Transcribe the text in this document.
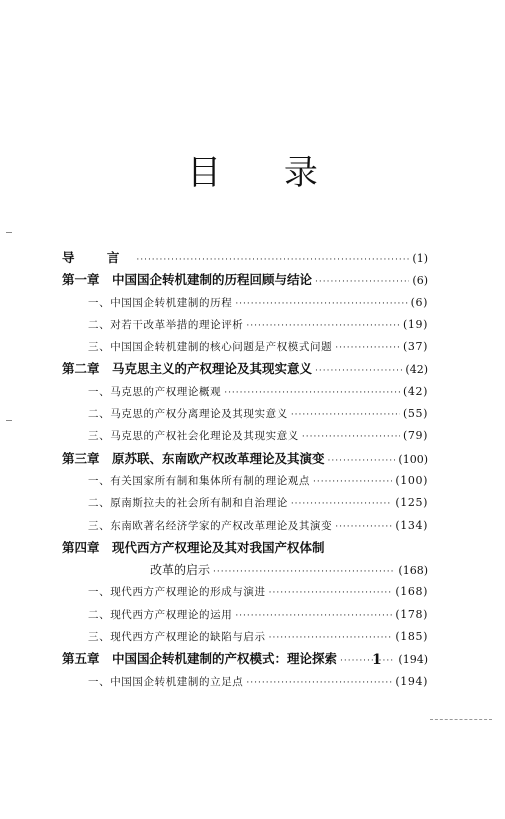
目 录
导 言 ·····	(1)
第一章　中国国企转机建制的历程回顾与结论 ·····	(6)
一、中国国企转机建制的历程 ·····	(6)
二、对若干改革举措的理论评析 ·····	(19)
三、中国国企转机建制的核心问题是产权模式问题 ·····	(37)
第二章　马克思主义的产权理论及其现实意义 ·····	(42)
一、马克思的产权理论概观 ·····	(42)
二、马克思的产权分离理论及其现实意义 ·····	(55)
三、马克思的产权社会化理论及其现实意义 ·····	(79)
第三章　原苏联、东南欧产权改革理论及其演变 ·····	(100)
一、有关国家所有制和集体所有制的理论观点 ·····	(100)
二、原南斯拉夫的社会所有制和自治理论 ·····	(125)
三、东南欧著名经济学家的产权改革理论及其演变 ·····	(134)
第四章　现代西方产权理论及其对我国产权体制
改革的启示 ·····	(168)
一、现代西方产权理论的形成与演进 ·····	(168)
二、现代西方产权理论的运用 ·····	(178)
三、现代西方产权理论的缺陷与启示 ·····	(185)
第五章　中国国企转机建制的产权模式：理论探索 ·····	(194)
一、中国国企转机建制的立足点 ·····	(194)
1
